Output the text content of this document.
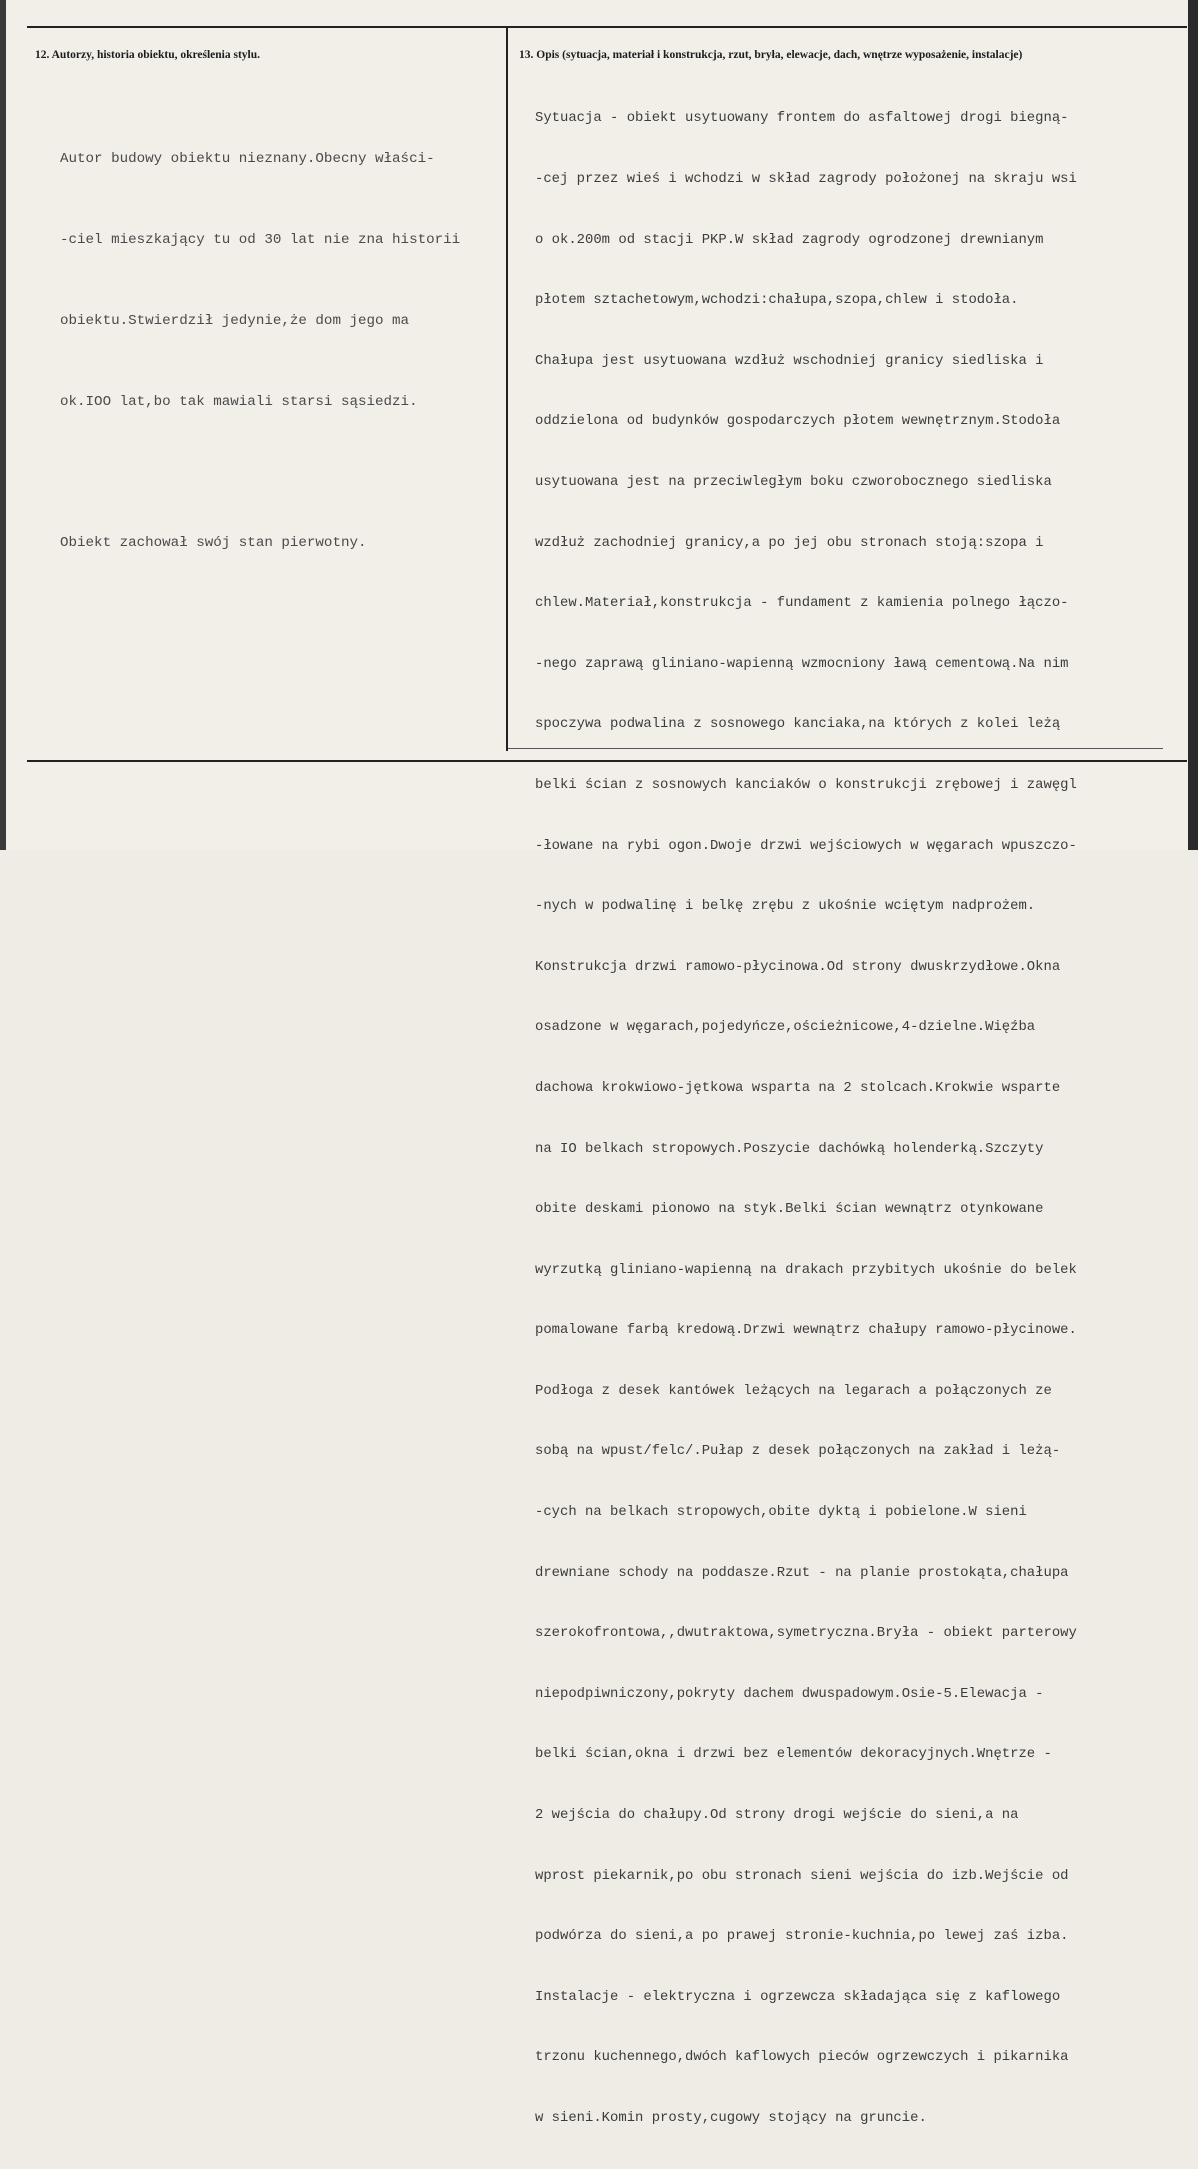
12. Autorzy, historia obiektu, określenia stylu.	13. Opis (sytuacja, materiał i konstrukcja, rzut, bryła, elewacje, dach, wnętrze wyposażenie, instalacje)

Autor budowy obiektu nieznany.Obecny właści-

-ciel mieszkający tu od 30 lat nie zna historii

obiektu.Stwierdził jedynie,że dom jego ma

ok.IOO lat,bo tak mawiali starsi sąsiedzi.

Obiekt zachował swój stan pierwotny.

Sytuacja - obiekt usytuowany frontem do asfaltowej drogi biegną-

-cej przez wieś i wchodzi w skład zagrody położonej na skraju wsi

o ok.200m od stacji PKP.W skład zagrody ogrodzonej drewnianym

płotem sztachetowym,wchodzi:chałupa,szopa,chlew i stodoła.

Chałupa jest usytuowana wzdłuż wschodniej granicy siedliska i

oddzielona od budynków gospodarczych płotem wewnętrznym.Stodoła

usytuowana jest na przeciwległym boku czworobocznego siedliska

wzdłuż zachodniej granicy,a po jej obu stronach stoją:szopa i

chlew.Materiał,konstrukcja - fundament z kamienia polnego łączo-

-nego zaprawą gliniano-wapienną wzmocniony ławą cementową.Na nim

spoczywa podwalina z sosnowego kanciaka,na których z kolei leżą

belki ścian z sosnowych kanciaków o konstrukcji zrębowej i zawęgl

-łowane na rybi ogon.Dwoje drzwi wejściowych w węgarach wpuszczo-

-nych w podwalinę i belkę zrębu z ukośnie wciętym nadprożem.

Konstrukcja drzwi ramowo-płycinowa.Od strony dwuskrzydłowe.Okna

osadzone w węgarach,pojedyńcze,ościeżnicowe,4-dzielne.Więźba

dachowa krokwiowo-jętkowa wsparta na 2 stolcach.Krokwie wsparte

na IO belkach stropowych.Poszycie dachówką holenderką.Szczyty

obite deskami pionowo na styk.Belki ścian wewnątrz otynkowane

wyrzutką gliniano-wapienną na drakach przybitych ukośnie do belek

pomalowane farbą kredową.Drzwi wewnątrz chałupy ramowo-płycinowe.

Podłoga z desek kantówek leżących na legarach a połączonych ze

sobą na wpust/felc/.Pułap z desek połączonych na zakład i leżą-

-cych na belkach stropowych,obite dyktą i pobielone.W sieni

drewniane schody na poddasze.Rzut - na planie prostokąta,chałupa

szerokofrontowa,,dwutraktowa,symetryczna.Bryła - obiekt parterowy

niepodpiwniczony,pokryty dachem dwuspadowym.Osie-5.Elewacja -

belki ścian,okna i drzwi bez elementów dekoracyjnych.Wnętrze -

2 wejścia do chałupy.Od strony drogi wejście do sieni,a na

wprost piekarnik,po obu stronach sieni wejścia do izb.Wejście od

podwórza do sieni,a po prawej stronie-kuchnia,po lewej zaś izba.

Instalacje - elektryczna i ogrzewcza składająca się z kaflowego

trzonu kuchennego,dwóch kaflowych pieców ogrzewczych i pikarnika

w sieni.Komin prosty,cugowy stojący na gruncie.
